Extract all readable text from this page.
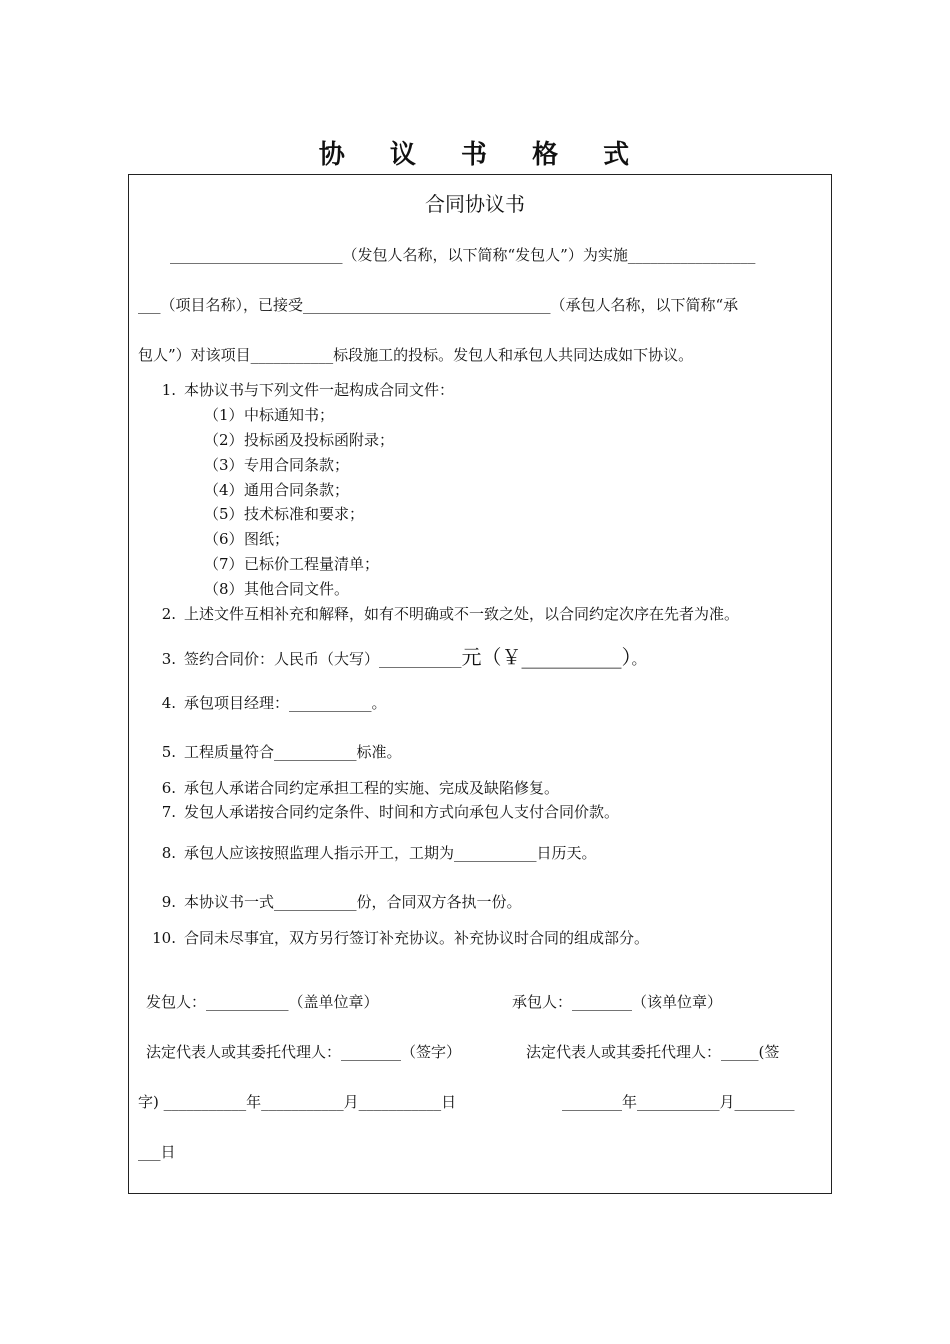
协 议 书 格 式
合同协议书
_______________________（发包人名称，以下简称“发包人”）为实施_________________
___（项目名称），已接受_________________________________（承包人名称，以下简称“承
包人”）对该项目___________标段施工的投标。发包人和承包人共同达成如下协议。
1. 本协议书与下列文件一起构成合同文件：
（1）中标通知书；
（2）投标函及投标函附录；
（3）专用合同条款；
（4）通用合同条款；
（5）技术标准和要求；
（6）图纸；
（7）已标价工程量清单；
（8）其他合同文件。
2. 上述文件互相补充和解释，如有不明确或不一致之处，以合同约定次序在先者为准。
3. 签约合同价：人民币（大写）___________元（￥__________）。
4. 承包项目经理：___________。
5. 工程质量符合___________标准。
6. 承包人承诺合同约定承担工程的实施、完成及缺陷修复。
7. 发包人承诺按合同约定条件、时间和方式向承包人支付合同价款。
8. 承包人应该按照监理人指示开工，工期为___________日历天。
9. 本协议书一式___________份，合同双方各执一份。
10. 合同未尽事宜，双方另行签订补充协议。补充协议时合同的组成部分。
发包人：___________（盖单位章）	承包人：________（该单位章）
法定代表人或其委托代理人：________（签字）	法定代表人或其委托代理人：_____(签
字) ___________年___________月___________日	________年___________月________
___日
